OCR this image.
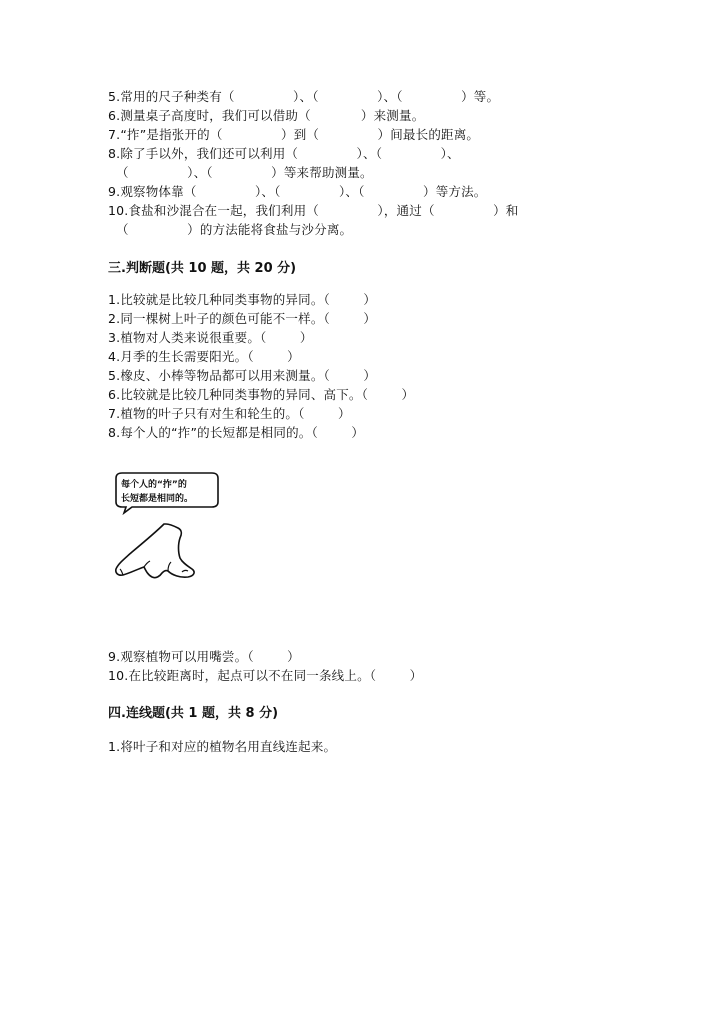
5.常用的尺子种类有（              ）、（              ）、（              ）等。
6.测量桌子高度时，我们可以借助（            ）来测量。
7.“拃”是指张开的（              ）到（              ）间最长的距离。
8.除了手以外，我们还可以利用（              ）、（              ）、
（              ）、（              ）等来帮助测量。
9.观察物体靠（              ）、（              ）、（              ）等方法。
10.食盐和沙混合在一起，我们利用（              ），通过（              ）和
（              ）的方法能将食盐与沙分离。
三.判断题(共 10 题，共 20 分)
1.比较就是比较几种同类事物的异同。（        ）
2.同一棵树上叶子的颜色可能不一样。（        ）
3.植物对人类来说很重要。（        ）
4.月季的生长需要阳光。（        ）
5.橡皮、小棒等物品都可以用来测量。（        ）
6.比较就是比较几种同类事物的异同、高下。（        ）
7.植物的叶子只有对生和轮生的。（        ）
8.每个人的“拃”的长短都是相同的。（        ）
每个人的“拃”的
长短都是相同的。
9.观察植物可以用嘴尝。（        ）
10.在比较距离时，起点可以不在同一条线上。（        ）
四.连线题(共 1 题，共 8 分)
1.将叶子和对应的植物名用直线连起来。
